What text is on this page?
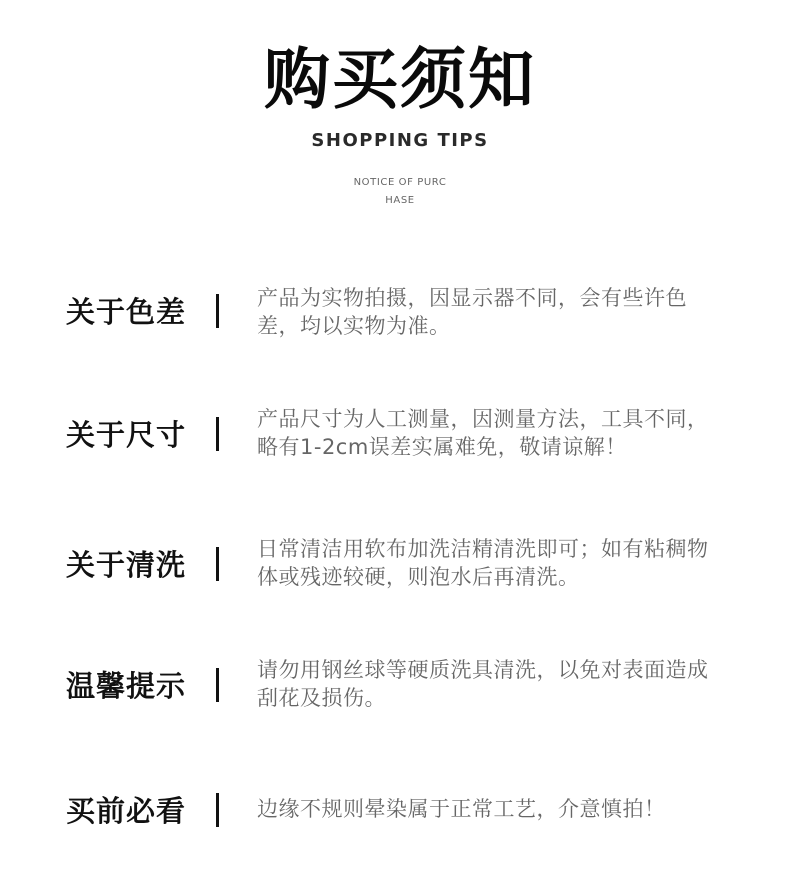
购买须知
SHOPPING TIPS
NOTICE OF PURCHASE
关于色差	产品为实物拍摄，因显示器不同，会有些许色差，均以实物为准。
关于尺寸	产品尺寸为人工测量，因测量方法，工具不同，略有1-2cm误差实属难免，敬请谅解！
关于清洗	日常清洁用软布加洗洁精清洗即可；如有粘稠物体或残迹较硬，则泡水后再清洗。
温馨提示	请勿用钢丝球等硬质洗具清洗，以免对表面造成刮花及损伤。
买前必看	边缘不规则晕染属于正常工艺，介意慎拍！
